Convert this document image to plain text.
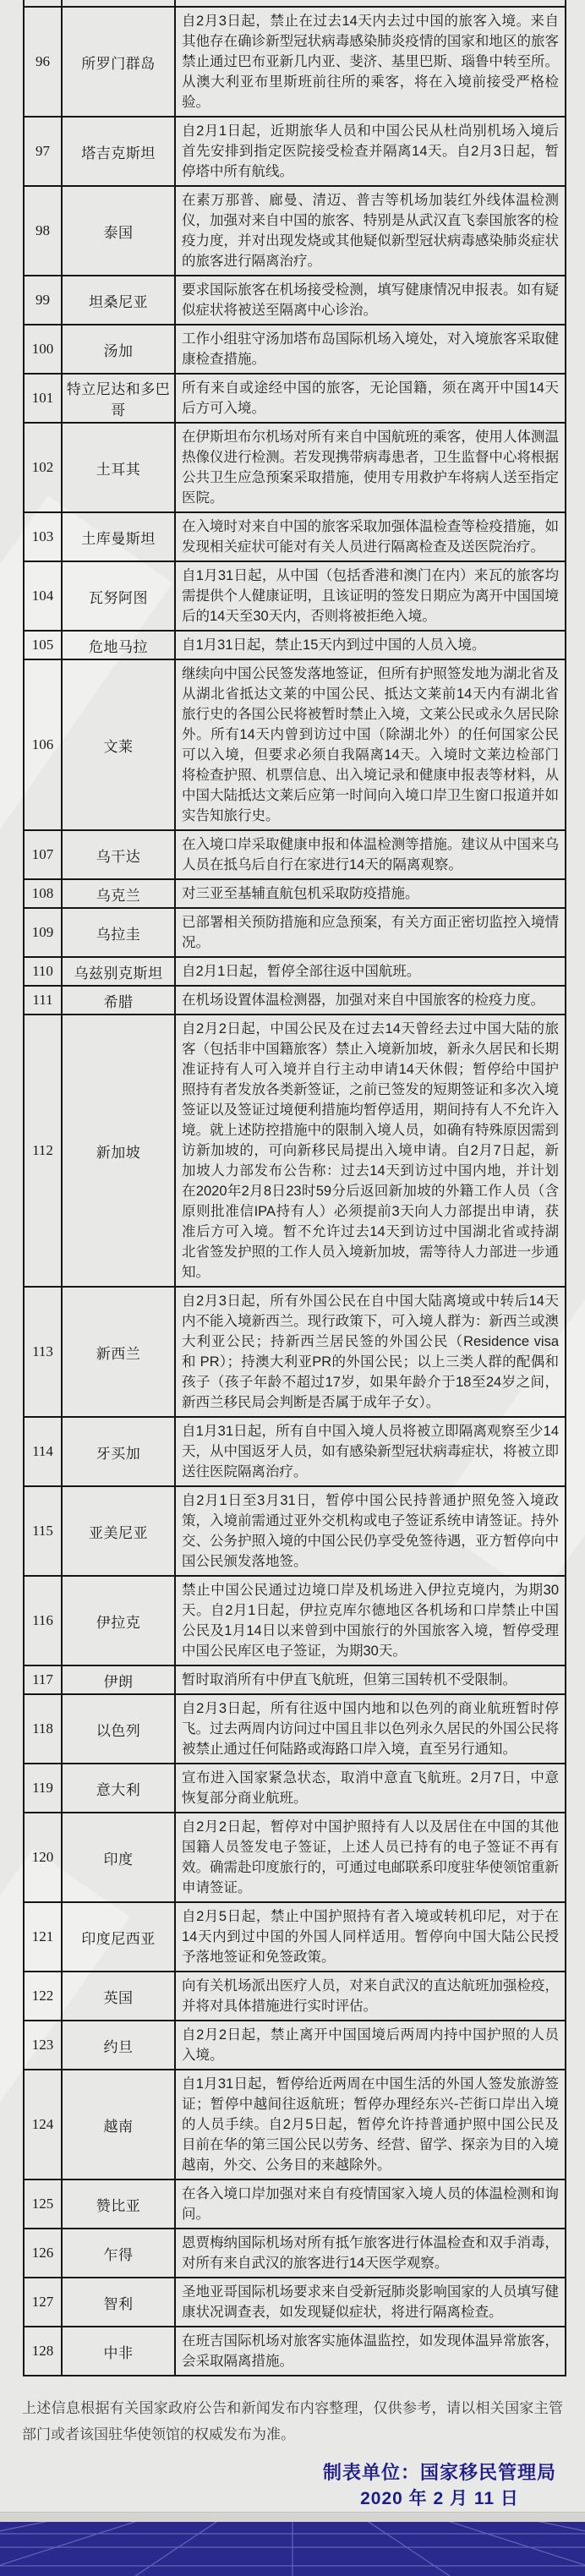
96	所罗门群岛	自2月3日起，禁止在过去14天内去过中国的旅客入境。来自其他存在确诊新型冠状病毒感染肺炎疫情的国家和地区的旅客禁止通过巴布亚新几内亚、斐济、基里巴斯、瑙鲁中转至所。从澳大利亚布里斯班前往所的乘客，将在入境前接受严格检验。
97	塔吉克斯坦	自2月1日起，近期旅华人员和中国公民从杜尚别机场入境后首先安排到指定医院接受检查并隔离14天。自2月3日起，暂停塔中所有航线。
98	泰国	在素万那普、廊曼、清迈、普吉等机场加装红外线体温检测仪，加强对来自中国的旅客、特别是从武汉直飞泰国旅客的检疫力度，并对出现发烧或其他疑似新型冠状病毒感染肺炎症状的旅客进行隔离治疗。
99	坦桑尼亚	要求国际旅客在机场接受检测，填写健康情况申报表。如有疑似症状将被送至隔离中心诊治。
100	汤加	工作小组驻守汤加塔布岛国际机场入境处，对入境旅客采取健康检查措施。
101	特立尼达和多巴哥	所有来自或途经中国的旅客，无论国籍，须在离开中国14天后方可入境。
102	土耳其	在伊斯坦布尔机场对所有来自中国航班的乘客，使用人体测温热像仪进行检测。若发现携带病毒患者，卫生监督中心将根据公共卫生应急预案采取措施，使用专用救护车将病人送至指定医院。
103	土库曼斯坦	在入境时对来自中国的旅客采取加强体温检查等检疫措施，如发现相关症状可能对有关人员进行隔离检查及送医院治疗。
104	瓦努阿图	自1月31日起，从中国（包括香港和澳门在内）来瓦的旅客均需提供个人健康证明，且该证明的签发日期应为离开中国国境后的14天至30天内，否则将被拒绝入境。
105	危地马拉	自1月31日起，禁止15天内到过中国的人员入境。
106	文莱	继续向中国公民签发落地签证，但所有护照签发地为湖北省及从湖北省抵达文莱的中国公民、抵达文莱前14天内有湖北省旅行史的各国公民将被暂时禁止入境，文莱公民或永久居民除外。所有14天内曾到访过中国（除湖北外）的任何国家公民可以入境，但要求必须自我隔离14天。入境时文莱边检部门将检查护照、机票信息、出入境记录和健康申报表等材料，从中国大陆抵达文莱后应第一时间向入境口岸卫生窗口报道并如实告知旅行史。
107	乌干达	在入境口岸采取健康申报和体温检测等措施。建议从中国来乌人员在抵乌后自行在家进行14天的隔离观察。
108	乌克兰	对三亚至基辅直航包机采取防疫措施。
109	乌拉圭	已部署相关预防措施和应急预案，有关方面正密切监控入境情况。
110	乌兹别克斯坦	自2月1日起，暂停全部往返中国航班。
111	希腊	在机场设置体温检测器，加强对来自中国旅客的检疫力度。
112	新加坡	自2月2日起，中国公民及在过去14天曾经去过中国大陆的旅客（包括非中国籍旅客）禁止入境新加坡，新永久居民和长期准证持有人可入境并自行主动申请14天休假；暂停给中国护照持有者发放各类新签证，之前已签发的短期签证和多次入境签证以及签证过境便利措施均暂停适用，期间持有人不允许入境。就上述防控措施中的限制入境人员，如确有特殊原因需到访新加坡的，可向新移民局提出入境申请。自2月7日起，新加坡人力部发布公告称：过去14天到访过中国内地，并计划在2020年2月8日23时59分后返回新加坡的外籍工作人员（含原则批准信IPA持有人）必须提前3天向人力部提出申请，获准后方可入境。暂不允许过去14天到访过中国湖北省或持湖北省签发护照的工作人员入境新加坡，需等待人力部进一步通知。
113	新西兰	自2月3日起，所有外国公民在自中国大陆离境或中转后14天内不能入境新西兰。现行政策下，可入境人群为：新西兰或澳大利亚公民；持新西兰居民签的外国公民（Residence visa 和 PR）；持澳大利亚PR的外国公民；以上三类人群的配偶和孩子（孩子年龄不超过17岁，如果年龄介于18至24岁之间，新西兰移民局会判断是否属于成年子女）。
114	牙买加	自1月31日起，所有自中国入境人员将被立即隔离观察至少14天，从中国返牙人员，如有感染新型冠状病毒症状，将被立即送往医院隔离治疗。
115	亚美尼亚	自2月1日至3月31日，暂停中国公民持普通护照免签入境政策，入境前需通过亚外交机构或电子签证系统申请签证。持外交、公务护照入境的中国公民仍享受免签待遇，亚方暂停向中国公民颁发落地签。
116	伊拉克	禁止中国公民通过边境口岸及机场进入伊拉克境内，为期30天。自2月1日起，伊拉克库尔德地区各机场和口岸禁止中国公民及1月14日以来曾到中国旅行的外国旅客入境，暂停受理中国公民库区电子签证，为期30天。
117	伊朗	暂时取消所有中伊直飞航班，但第三国转机不受限制。
118	以色列	自2月3日起，所有往返中国内地和以色列的商业航班暂时停飞。过去两周内访问过中国且非以色列永久居民的外国公民将被禁止通过任何陆路或海路口岸入境，直至另行通知。
119	意大利	宣布进入国家紧急状态，取消中意直飞航班。2月7日，中意恢复部分商业航班。
120	印度	自2月2日起，暂停对中国护照持有人以及居住在中国的其他国籍人员签发电子签证，上述人员已持有的电子签证不再有效。确需赴印度旅行的，可通过电邮联系印度驻华使领馆重新申请签证。
121	印度尼西亚	自2月5日起，禁止中国护照持有者入境或转机印尼，对于在14天内到过中国的外国人同样适用。暂停向中国大陆公民授予落地签证和免签政策。
122	英国	向有关机场派出医疗人员，对来自武汉的直达航班加强检疫，并将对具体措施进行实时评估。
123	约旦	自2月2日起，禁止离开中国国境后两周内持中国护照的人员入境。
124	越南	自1月31日起，暂停给近两周在中国生活的外国人签发旅游签证；暂停中越间往返航班；暂停办理经东兴-芒街口岸出入境的人员手续。自2月5日起，暂停允许持普通护照中国公民及目前在华的第三国公民以劳务、经营、留学、探亲为目的入境越南，外交、公务目的来越除外。
125	赞比亚	在各入境口岸加强对来自有疫情国家入境人员的体温检测和询问。
126	乍得	恩贾梅纳国际机场对所有抵乍旅客进行体温检查和双手消毒，对所有来自武汉的旅客进行14天医学观察。
127	智利	圣地亚哥国际机场要求来自受新冠肺炎影响国家的人员填写健康状况调查表，如发现疑似症状，将进行隔离检查。
128	中非	在班吉国际机场对旅客实施体温监控，如发现体温异常旅客，会采取隔离措施。

上述信息根据有关国家政府公告和新闻发布内容整理，仅供参考，请以相关国家主管部门或者该国驻华使领馆的权威发布为准。

制表单位：国家移民管理局
2020 年 2 月 11 日
